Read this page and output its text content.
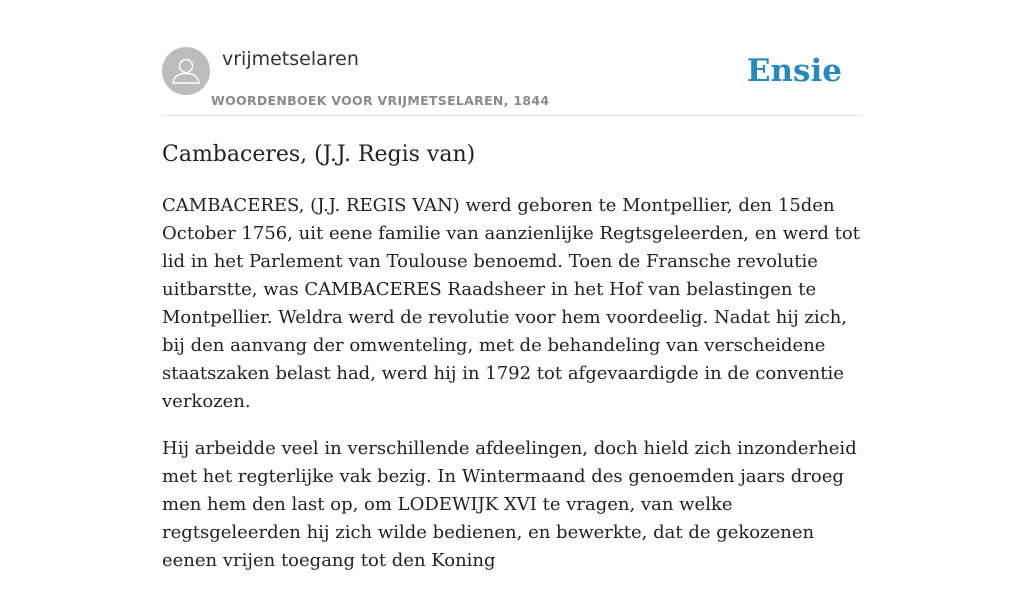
vrijmetselaren
WOORDENBOEK VOOR VRIJMETSELAREN, 1844
Ensie
Cambaceres, (J.J. Regis van)

CAMBACERES, (J.J. REGIS VAN) werd geboren te Montpellier, den 15den October 1756, uit eene familie van aanzienlijke Regtsgeleerden, en werd tot lid in het Parlement van Toulouse benoemd. Toen de Fransche revolutie uitbarstte, was CAMBACERES Raadsheer in het Hof van belastingen te Montpellier. Weldra werd de revolutie voor hem voordeelig. Nadat hij zich, bij den aanvang der omwenteling, met de behandeling van verscheidene staatszaken belast had, werd hij in 1792 tot afgevaardigde in de conventie verkozen.

Hij arbeidde veel in verschillende afdeelingen, doch hield zich inzonderheid met het regterlijke vak bezig. In Wintermaand des genoemden jaars droeg men hem den last op, om LODEWIJK XVI te vragen, van welke regtsgeleerden hij zich wilde bedienen, en bewerkte, dat de gekozenen eenen vrijen toegang tot den Koning
